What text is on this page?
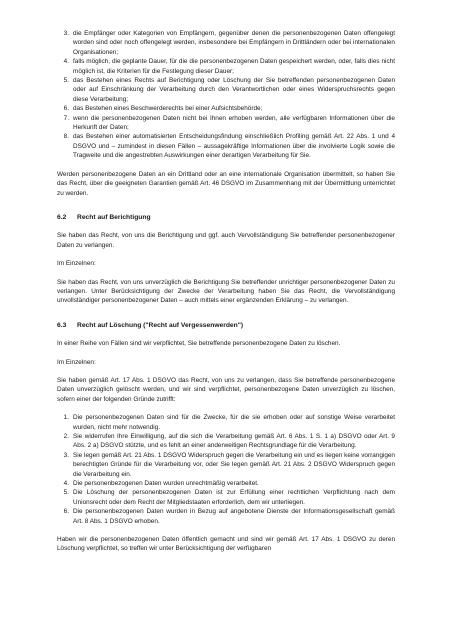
3. die Empfänger oder Kategorien von Empfängern, gegenüber denen die personenbezogenen Daten offengelegt worden sind oder noch offengelegt werden, insbesondere bei Empfängern in Drittländern oder bei internationalen Organisationen;
4. falls möglich, die geplante Dauer, für die die personenbezogenen Daten gespeichert werden, oder, falls dies nicht möglich ist, die Kriterien für die Festlegung dieser Dauer;
5. das Bestehen eines Rechts auf Berichtigung oder Löschung der Sie betreffenden personenbezogenen Daten oder auf Einschränkung der Verarbeitung durch den Verantwortlichen oder eines Widerspruchsrechts gegen diese Verarbeitung;
6. das Bestehen eines Beschwerderechts bei einer Aufsichtsbehörde;
7. wenn die personenbezogenen Daten nicht bei Ihnen erhoben werden, alle verfügbaren Informationen über die Herkunft der Daten;
8. das Bestehen einer automatisierten Entscheidungsfindung einschließlich Profiling gemäß Art. 22 Abs. 1 und 4 DSGVO und – zumindest in diesen Fällen – aussagekräftige Informationen über die involvierte Logik sowie die Tragweite und die angestrebten Auswirkungen einer derartigen Verarbeitung für Sie.

Werden personenbezogene Daten an ein Drittland oder an eine internationale Organisation übermittelt, so haben Sie das Recht, über die geeigneten Garantien gemäß Art. 46 DSGVO im Zusammenhang mit der Übermittlung unterrichtet zu werden.

6.2	Recht auf Berichtigung

Sie haben das Recht, von uns die Berichtigung und ggf. auch Vervollständigung Sie betreffender personenbezogener Daten zu verlangen.

Im Einzelnen:

Sie haben das Recht, von uns unverzüglich die Berichtigung Sie betreffender unrichtiger personenbezogener Daten zu verlangen. Unter Berücksichtigung der Zwecke der Verarbeitung haben Sie das Recht, die Vervollständigung unvollständiger personenbezogener Daten – auch mittels einer ergänzenden Erklärung – zu verlangen.

6.3	Recht auf Löschung ("Recht auf Vergessenwerden")

In einer Reihe von Fällen sind wir verpflichtet, Sie betreffende personenbezogene Daten zu löschen.

Im Einzelnen:

Sie haben gemäß Art. 17 Abs. 1 DSGVO das Recht, von uns zu verlangen, dass Sie betreffende personenbezogene Daten unverzüglich gelöscht werden, und wir sind verpflichtet, personenbezogene Daten unverzüglich zu löschen, sofern einer der folgenden Gründe zutrifft:

1. Die personenbezogenen Daten sind für die Zwecke, für die sie erhoben oder auf sonstige Weise verarbeitet wurden, nicht mehr notwendig.
2. Sie widerrufen Ihre Einwilligung, auf die sich die Verarbeitung gemäß Art. 6 Abs. 1 S. 1 a) DSGVO oder Art. 9 Abs. 2 a) DSGVO stützte, und es fehlt an einer anderweitigen Rechtsgrundlage für die Verarbeitung.
3. Sie legen gemäß Art. 21 Abs. 1 DSGVO Widerspruch gegen die Verarbeitung ein und es liegen keine vorrangigen berechtigten Gründe für die Verarbeitung vor, oder Sie legen gemäß Art. 21 Abs. 2 DSGVO Widerspruch gegen die Verarbeitung ein.
4. Die personenbezogenen Daten wurden unrechtmäßig verarbeitet.
5. Die Löschung der personenbezogenen Daten ist zur Erfüllung einer rechtlichen Verpflichtung nach dem Unionsrecht oder dem Recht der Mitgliedstaaten erforderlich, dem wir unterliegen.
6. Die personenbezogenen Daten wurden in Bezug auf angebotene Dienste der Informationsgesellschaft gemäß Art. 8 Abs. 1 DSGVO erhoben.

Haben wir die personenbezogenen Daten öffentlich gemacht und sind wir gemäß Art. 17 Abs. 1 DSGVO zu deren Löschung verpflichtet, so treffen wir unter Berücksichtigung der verfügbaren
